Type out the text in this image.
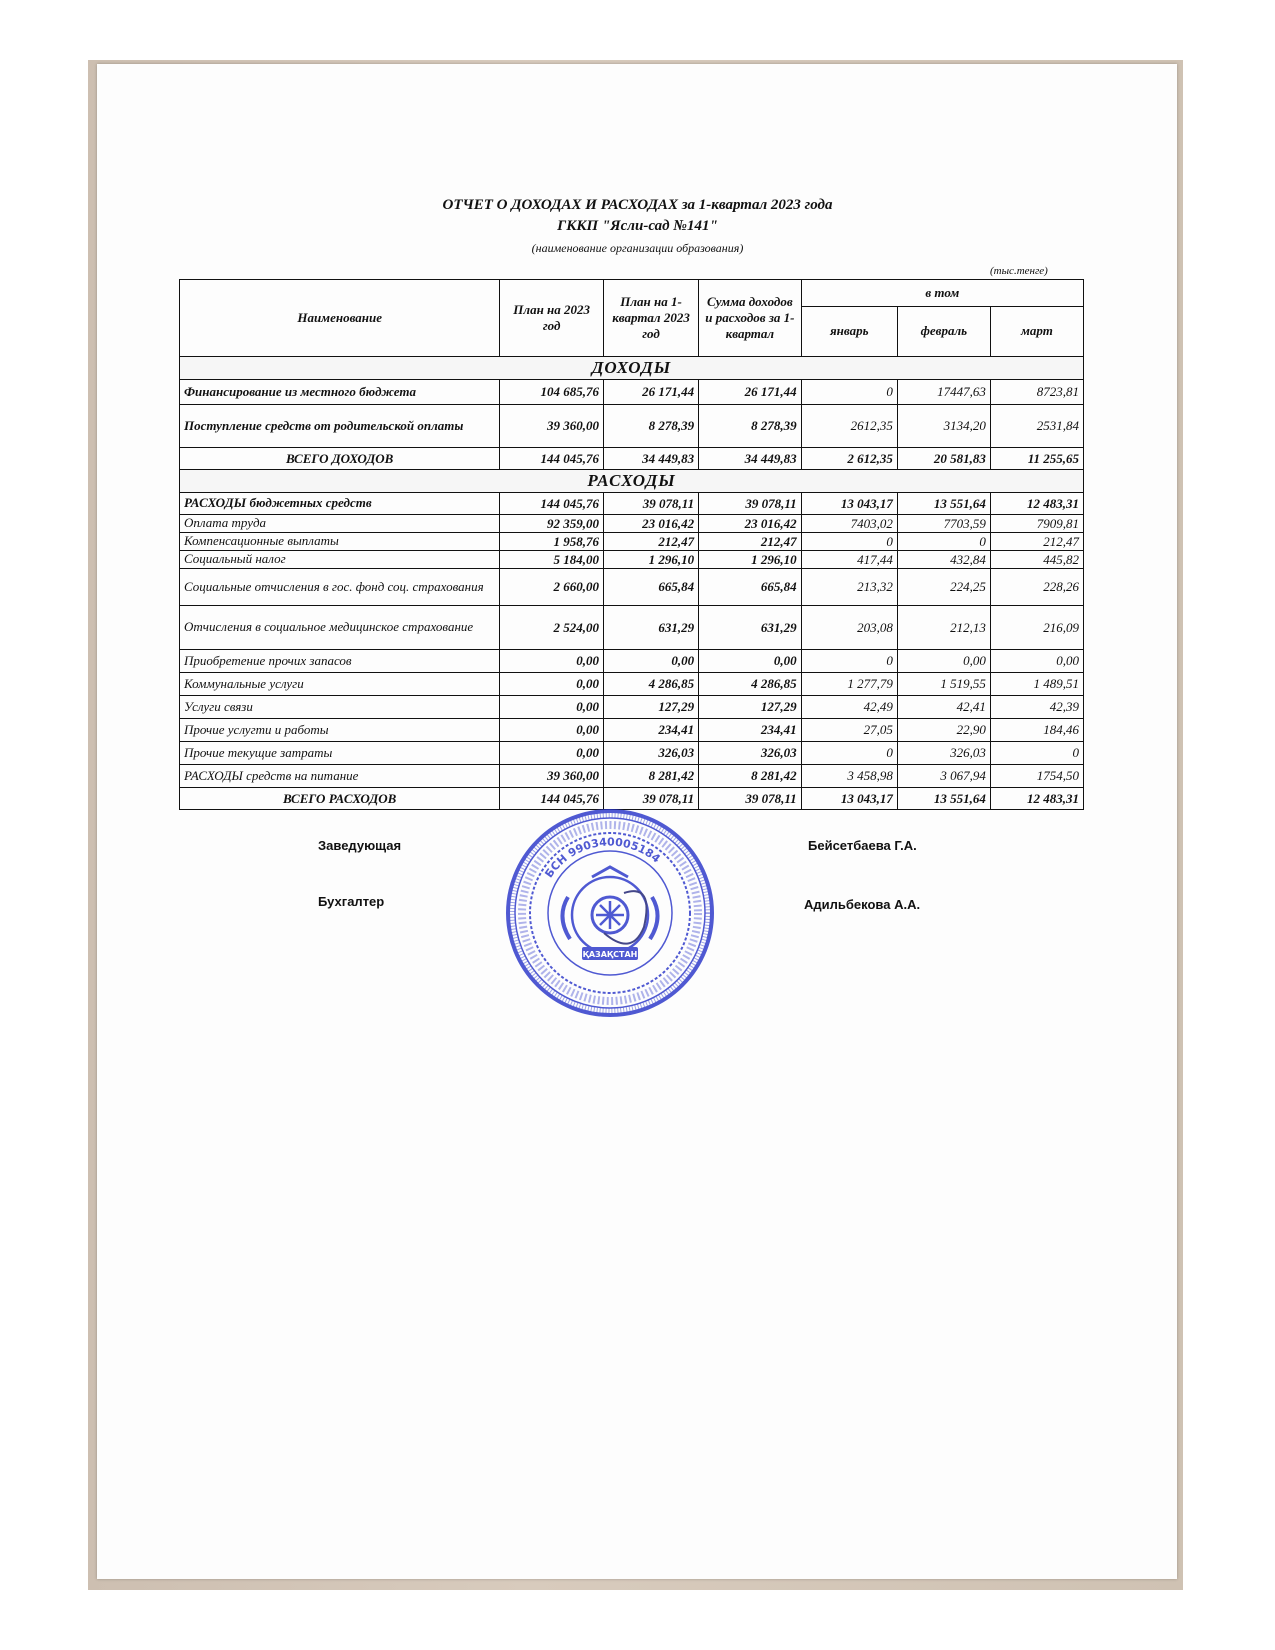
ОТЧЕТ О ДОХОДАХ И РАСХОДАХ за 1-квартал 2023 года
ГККП "Ясли-сад №141"
(наименование организации образования)
(тыс.тенге)
Наименование	План на 2023 год	План на 1-квартал 2023 год	Сумма доходов и расходов за 1-квартал	в том		
				январь	февраль	март
ДОХОДЫ						
Финансирование из местного бюджета	104 685,76	26 171,44	26 171,44	0	17447,63	8723,81
Поступление средств от родительской оплаты	39 360,00	8 278,39	8 278,39	2612,35	3134,20	2531,84
ВСЕГО ДОХОДОВ	144 045,76	34 449,83	34 449,83	2 612,35	20 581,83	11 255,65
РАСХОДЫ						
РАСХОДЫ бюджетных средств	144 045,76	39 078,11	39 078,11	13 043,17	13 551,64	12 483,31
Оплата труда	92 359,00	23 016,42	23 016,42	7403,02	7703,59	7909,81
Компенсационные выплаты	1 958,76	212,47	212,47	0	0	212,47
Социальный налог	5 184,00	1 296,10	1 296,10	417,44	432,84	445,82
Социальные отчисления в гос. фонд соц. страхования	2 660,00	665,84	665,84	213,32	224,25	228,26
Отчисления в социальное медицинское страхование	2 524,00	631,29	631,29	203,08	212,13	216,09
Приобретение прочих запасов	0,00	0,00	0,00	0	0,00	0,00
Коммунальные услуги	0,00	4 286,85	4 286,85	1 277,79	1 519,55	1 489,51
Услуги связи	0,00	127,29	127,29	42,49	42,41	42,39
Прочие услугти и работы	0,00	234,41	234,41	27,05	22,90	184,46
Прочие текущие затраты	0,00	326,03	326,03	0	326,03	0
РАСХОДЫ средств на питание	39 360,00	8 281,42	8 281,42	3 458,98	3 067,94	1754,50
ВСЕГО РАСХОДОВ	144 045,76	39 078,11	39 078,11	13 043,17	13 551,64	12 483,31
Заведующая	Бейсетбаева Г.А.
Бухгалтер	Адильбекова А.А.
БСН 990340005184
ҚАЗАҚСТАН
